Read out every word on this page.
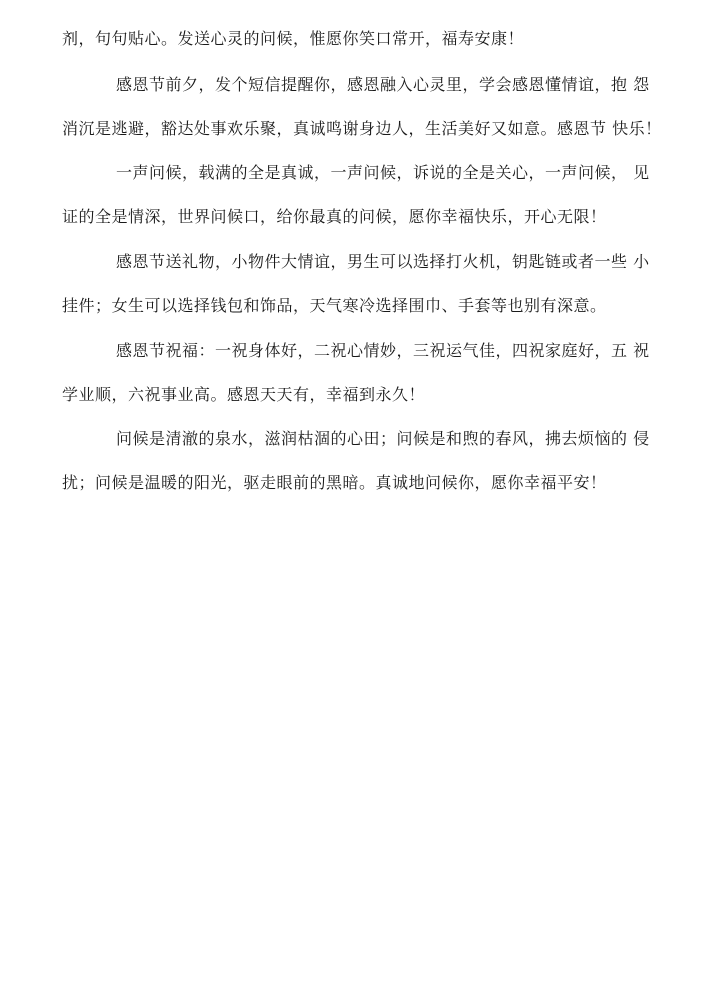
剂，句句贴心。发送心灵的问候，惟愿你笑口常开，福寿安康！
感恩节前夕，发个短信提醒你，感恩融入心灵里，学会感恩懂情谊，抱 怨
消沉是逃避，豁达处事欢乐聚，真诚鸣谢身边人，生活美好又如意。感恩节 快乐！
一声问候，载满的全是真诚，一声问候，诉说的全是关心，一声问候， 见
证的全是情深，世界问候口，给你最真的问候，愿你幸福快乐，开心无限！
感恩节送礼物，小物件大情谊，男生可以选择打火机，钥匙链或者一些 小
挂件；女生可以选择钱包和饰品，天气寒冷选择围巾、手套等也别有深意。
感恩节祝福：一祝身体好，二祝心情妙，三祝运气佳，四祝家庭好，五 祝
学业顺，六祝事业高。感恩天天有，幸福到永久！
问候是清澈的泉水，滋润枯涸的心田；问候是和煦的春风，拂去烦恼的 侵
扰；问候是温暖的阳光，驱走眼前的黑暗。真诚地问候你，愿你幸福平安！
